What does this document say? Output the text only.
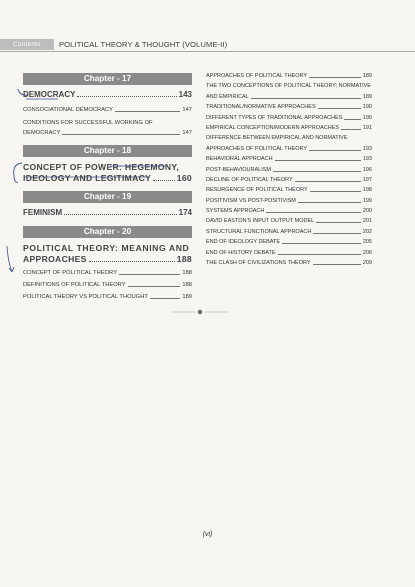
Contents	POLITICAL THEORY & THOUGHT (VOLUME-II)
Chapter - 17
DEMOCRACY	143
CONSOCIATIONAL DEMOCRACY	147
CONDITIONS FOR SUCCESSFUL WORKING OF
DEMOCRACY	147
Chapter - 18
CONCEPT OF POWER: HEGEMONY,
IDEOLOGY AND LEGITIMACY	160
Chapter - 19
FEMINISM	174
Chapter - 20
POLITICAL THEORY: MEANING AND
APPROACHES	188
CONCEPT OF POLITICAL THEORY	188
DEFINITIONS OF POLITICAL THEORY	188
POLITICAL THEORY VS POLITICAL THOUGHT	189
APPROACHES OF POLITICAL THEORY	189
THE TWO CONCEPTIONS OF POLITICAL THEORY; NORMATIVE
AND EMPIRICAL	189
TRADITIONAL/NORMATIVE APPROACHES	190
DIFFERENT TYPES OF TRADITIONAL APPROACHES	190
EMPIRICAL CONCEPTION/MODERN APPROACHES	191
DIFFERENCE BETWEEN EMPIRICAL AND NORMATIVE
APPROACHES OF POLITICAL THEORY	193
BEHAVIORAL APPROACH	193
POST-BEHAVIOURALISM	196
DECLINE OF POLITICAL THEORY	197
RESURGENCE OF POLITICAL THEORY	198
POSITIVISM VS POST-POSITIVISM	199
SYSTEMS APPROACH	200
DAVID EASTON'S INPUT OUTPUT MODEL	201
STRUCTURAL FUNCTIONAL APPROACH	202
END OF IDEOLOGY DEBATE	205
END OF HISTORY DEBATE	206
THE CLASH OF CIVILIZATIONS THEORY	209
(vi)
